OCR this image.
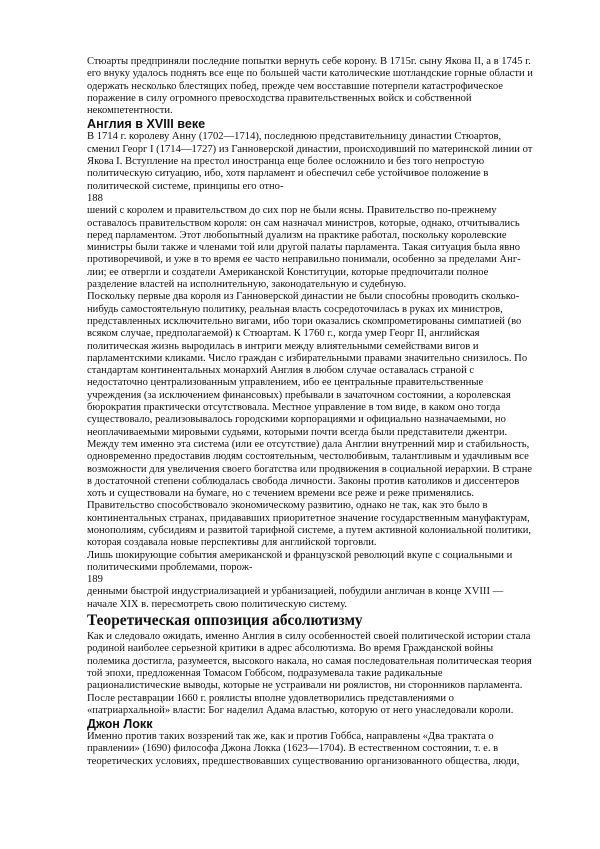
Стюарты предприняли последние попытки вернуть себе корону. В 1715г. сыну Якова II, а в 1745 г.
его внуку удалось поднять все еще по большей части католические шотландские горные области и
одержать несколько блестящих побед, прежде чем восставшие потерпели катастрофическое
поражение в силу огромного превосходства правительственных войск и собственной
некомпетентности.

Англия в XVIII веке

В 1714 г. королеву Анну (1702—1714), последнюю представительницу династии Стюартов,
сменил Георг I (1714—1727) из Ганноверской династии, происходивший по материнской линии от
Якова I. Вступление на престол иностранца еще более осложнило и без того непростую
политическую ситуацию, ибо, хотя парламент и обеспечил себе устойчивое положение в
политической системе, принципы его отно-

188

шений с королем и правительством до сих пор не были ясны. Правительство по-прежнему
оставалось правительством короля: он сам назначал министров, которые, однако, отчитывались
перед парламентом. Этот любопытный дуализм на практике работал, поскольку королевские
министры были также и членами той или другой палаты парламента. Такая ситуация была явно
противоречивой, и уже в то время ее часто неправильно понимали, особенно за пределами Анг-
лии; ее отвергли и создатели Американской Конституции, которые предпочитали полное
разделение властей на исполнительную, законодательную и судебную.

Поскольку первые два короля из Ганноверской династии не были способны проводить сколько-
нибудь самостоятельную политику, реальная власть сосредоточилась в руках их министров,
представленных исключительно вигами, ибо тори оказались скомпрометированы симпатией (во
всяком случае, предполагаемой) к Стюартам. К 1760 г., когда умер Георг II, английская
политическая жизнь выродилась в интриги между влиятельными семействами вигов и
парламентскими кликами. Число граждан с избирательными правами значительно снизилось. По
стандартам континентальных монархий Англия в любом случае оставалась страной с
недостаточно централизованным управлением, ибо ее центральные правительственные
учреждения (за исключением финансовых) пребывали в зачаточном состоянии, а королевская
бюрократия практически отсутствовала. Местное управление в том виде, в каком оно тогда
существовало, реализовывалось городскими корпорациями и официально назначаемыми, но
неоплачиваемыми мировыми судьями, которыми почти всегда были представители джентри.

Между тем именно эта система (или ее отсутствие) дала Англии внутренний мир и стабильность,
одновременно предоставив людям состоятельным, честолюбивым, талантливым и удачливым все
возможности для увеличения своего богатства или продвижения в социальной иерархии. В стране
в достаточной степени соблюдалась свобода личности. Законы против католиков и диссентеров
хоть и существовали на бумаге, но с течением времени все реже и реже применялись.

Правительство способствовало экономическому развитию, однако не так, как это было в
континентальных странах, придававших приоритетное значение государственным мануфактурам,
монополиям, субсидиям и развитой тарифной системе, а путем активной колониальной политики,
которая создавала новые перспективы для английской торговли.

Лишь шокирующие события американской и французской революций вкупе с социальными и
политическими проблемами, порож-

189

денными быстрой индустриализацией и урбанизацией, побудили англичан в конце XVIII —
начале XIX в. пересмотреть свою политическую систему.

Теоретическая оппозиция абсолютизму

Как и следовало ожидать, именно Англия в силу особенностей своей политической истории стала
родиной наиболее серьезной критики в адрес абсолютизма. Во время Гражданской войны
полемика достигла, разумеется, высокого накала, но самая последовательная политическая теория
той эпохи, предложенная Томасом Гоббсом, подразумевала такие радикальные
рационалистические выводы, которые не устраивали ни роялистов, ни сторонников парламента.
После реставрации 1660 г. роялисты вполне удовлетворились представлениями о
«патриархальной» власти: Бог наделил Адама властью, которую от него унаследовали короли.

Джон Локк

Именно против таких воззрений так же, как и против Гоббса, направлены «Два трактата о
правлении» (1690) философа Джона Локка (1623—1704). В естественном состоянии, т. е. в
теоретических условиях, предшествовавших существованию организованного общества, люди,
